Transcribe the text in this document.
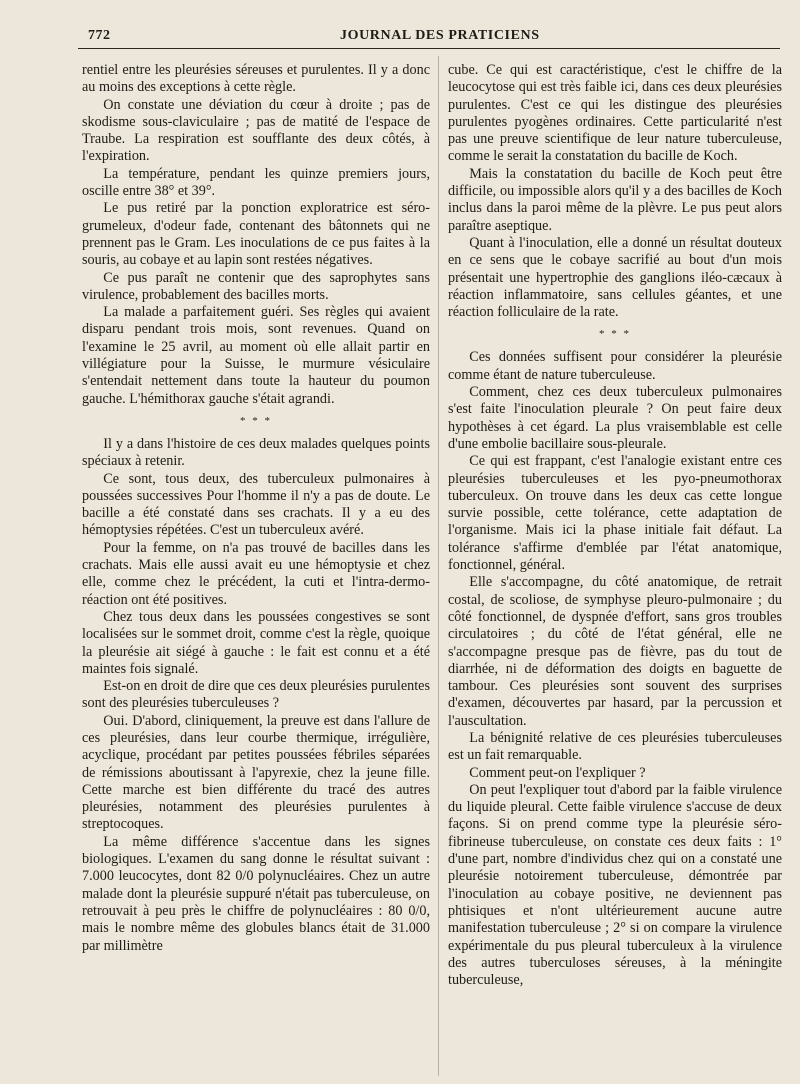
772	JOURNAL DES PRATICIENS

rentiel entre les pleurésies séreuses et purulentes. Il y a donc au moins des exceptions à cette règle.

On constate une déviation du cœur à droite ; pas de skodisme sous-claviculaire ; pas de matité de l'espace de Traube. La respiration est soufflante des deux côtés, à l'expiration.

La température, pendant les quinze premiers jours, oscille entre 38° et 39°.

Le pus retiré par la ponction exploratrice est séro-grumeleux, d'odeur fade, contenant des bâtonnets qui ne prennent pas le Gram. Les inoculations de ce pus faites à la souris, au cobaye et au lapin sont restées négatives.

Ce pus paraît ne contenir que des saprophytes sans virulence, probablement des bacilles morts.

La malade a parfaitement guéri. Ses règles qui avaient disparu pendant trois mois, sont revenues. Quand on l'examine le 25 avril, au moment où elle allait partir en villégiature pour la Suisse, le murmure vésiculaire s'entendait nettement dans toute la hauteur du poumon gauche. L'hémithorax gauche s'était agrandi.

* * *

Il y a dans l'histoire de ces deux malades quelques points spéciaux à retenir.

Ce sont, tous deux, des tuberculeux pulmonaires à poussées successives Pour l'homme il n'y a pas de doute. Le bacille a été constaté dans ses crachats. Il y a eu des hémoptysies répétées. C'est un tuberculeux avéré.

Pour la femme, on n'a pas trouvé de bacilles dans les crachats. Mais elle aussi avait eu une hémoptysie et chez elle, comme chez le précédent, la cuti et l'intra-dermo-réaction ont été positives.

Chez tous deux dans les poussées congestives se sont localisées sur le sommet droit, comme c'est la règle, quoique la pleurésie ait siégé à gauche : le fait est connu et a été maintes fois signalé.

Est-on en droit de dire que ces deux pleurésies purulentes sont des pleurésies tuberculeuses ?

Oui. D'abord, cliniquement, la preuve est dans l'allure de ces pleurésies, dans leur courbe thermique, irrégulière, acyclique, procédant par petites poussées fébriles séparées de rémissions aboutissant à l'apyrexie, chez la jeune fille. Cette marche est bien différente du tracé des autres pleurésies, notamment des pleurésies purulentes à streptocoques.

La même différence s'accentue dans les signes biologiques. L'examen du sang donne le résultat suivant : 7.000 leucocytes, dont 82 0/0 polynucléaires. Chez un autre malade dont la pleurésie suppuré n'était pas tuberculeuse, on retrouvait à peu près le chiffre de polynucléaires : 80 0/0, mais le nombre même des globules blancs était de 31.000 par millimètre

cube. Ce qui est caractéristique, c'est le chiffre de la leucocytose qui est très faible ici, dans ces deux pleurésies purulentes. C'est ce qui les distingue des pleurésies purulentes pyogènes ordinaires. Cette particularité n'est pas une preuve scientifique de leur nature tuberculeuse, comme le serait la constatation du bacille de Koch.

Mais la constatation du bacille de Koch peut être difficile, ou impossible alors qu'il y a des bacilles de Koch inclus dans la paroi même de la plèvre. Le pus peut alors paraître aseptique.

Quant à l'inoculation, elle a donné un résultat douteux en ce sens que le cobaye sacrifié au bout d'un mois présentait une hypertrophie des ganglions iléo-cæcaux à réaction inflammatoire, sans cellules géantes, et une réaction folliculaire de la rate.

* * *

Ces données suffisent pour considérer la pleurésie comme étant de nature tuberculeuse.

Comment, chez ces deux tuberculeux pulmonaires s'est faite l'inoculation pleurale ? On peut faire deux hypothèses à cet égard. La plus vraisemblable est celle d'une embolie bacillaire sous-pleurale.

Ce qui est frappant, c'est l'analogie existant entre ces pleurésies tuberculeuses et les pyo-pneumothorax tuberculeux. On trouve dans les deux cas cette longue survie possible, cette tolérance, cette adaptation de l'organisme. Mais ici la phase initiale fait défaut. La tolérance s'affirme d'emblée par l'état anatomique, fonctionnel, général.

Elle s'accompagne, du côté anatomique, de retrait costal, de scoliose, de symphyse pleuro-pulmonaire ; du côté fonctionnel, de dyspnée d'effort, sans gros troubles circulatoires ; du côté de l'état général, elle ne s'accompagne presque pas de fièvre, pas du tout de diarrhée, ni de déformation des doigts en baguette de tambour. Ces pleurésies sont souvent des surprises d'examen, découvertes par hasard, par la percussion et l'auscultation.

La bénignité relative de ces pleurésies tuberculeuses est un fait remarquable.

Comment peut-on l'expliquer ?

On peut l'expliquer tout d'abord par la faible virulence du liquide pleural. Cette faible virulence s'accuse de deux façons. Si on prend comme type la pleurésie séro-fibrineuse tuberculeuse, on constate ces deux faits : 1° d'une part, nombre d'individus chez qui on a constaté une pleurésie notoirement tuberculeuse, démontrée par l'inoculation au cobaye positive, ne deviennent pas phtisiques et n'ont ultérieurement aucune autre manifestation tuberculeuse ; 2° si on compare la virulence expérimentale du pus pleural tuberculeux à la virulence des autres tuberculoses séreuses, à la méningite tuberculeuse,
